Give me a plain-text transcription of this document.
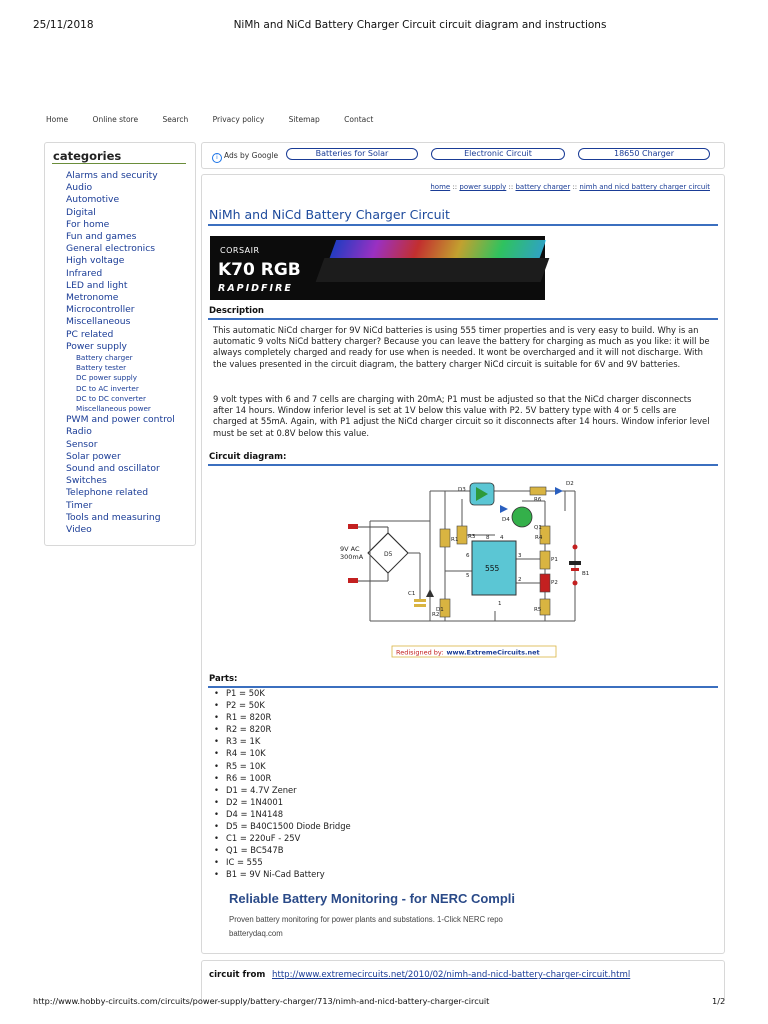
25/11/2018	NiMh and NiCd Battery Charger Circuit circuit diagram and instructions
Home	Online store	Search	Privacy policy	Sitemap	Contact
categories
Alarms and security
Audio
Automotive
Digital
For home
Fun and games
General electronics
High voltage
Infrared
LED and light
Metronome
Microcontroller
Miscellaneous
PC related
Power supply
Battery charger
Battery tester
DC power supply
DC to AC inverter
DC to DC converter
Miscellaneous power
PWM and power control
Radio
Sensor
Solar power
Sound and oscillator
Switches
Telephone related
Timer
Tools and measuring
Video
i Ads by Google	Batteries for Solar	Electronic Circuit	18650 Charger
home :: power supply :: battery charger :: nimh and nicd battery charger circuit
NiMh and NiCd Battery Charger Circuit
CORSAIR
K70 RGB
RAPIDFIRE
Description
This automatic NiCd charger for 9V NiCd batteries is using 555 timer properties and is very easy to build. Why is an automatic 9 volts NiCd battery charger? Because you can leave the battery for charging as much as you like: it will be always completely charged and ready for use when is needed. It wont be overcharged and it will not discharge. With the values presented in the circuit diagram, the battery charger NiCd circuit is suitable for 6V and 9V batteries.
9 volt types with 6 and 7 cells are charging with 20mA; P1 must be adjusted so that the NiCd charger disconnects after 14 hours. Window inferior level is set at 1V below this value with P2. 5V battery type with 4 or 5 cells are charged at 55mA. Again, with P1 adjust the NiCd charger circuit so it disconnects after 14 hours. Window inferior level must be set at 0.8V below this value.
Circuit diagram:
9V AC
300mA	D5
555
R1 R3
R2
R4
R5
R6
P1
P2
D1
D2
D3
D4
C1
Q1
B1
8 4
3
6
5
2
1
Redisigned by: www.ExtremeCircuits.net
Parts:
• P1 = 50K
• P2 = 50K
• R1 = 820R
• R2 = 820R
• R3 = 1K
• R4 = 10K
• R5 = 10K
• R6 = 100R
• D1 = 4.7V Zener
• D2 = 1N4001
• D4 = 1N4148
• D5 = B40C1500 Diode Bridge
• C1 = 220uF - 25V
• Q1 = BC547B
• IC = 555
• B1 = 9V Ni-Cad Battery
Reliable Battery Monitoring - for NERC Compli
Proven battery monitoring for power plants and substations. 1-Click NERC repo
batterydaq.com
circuit from http://www.extremecircuits.net/2010/02/nimh-and-nicd-battery-charger-circuit.html
http://www.hobby-circuits.com/circuits/power-supply/battery-charger/713/nimh-and-nicd-battery-charger-circuit	1/2
